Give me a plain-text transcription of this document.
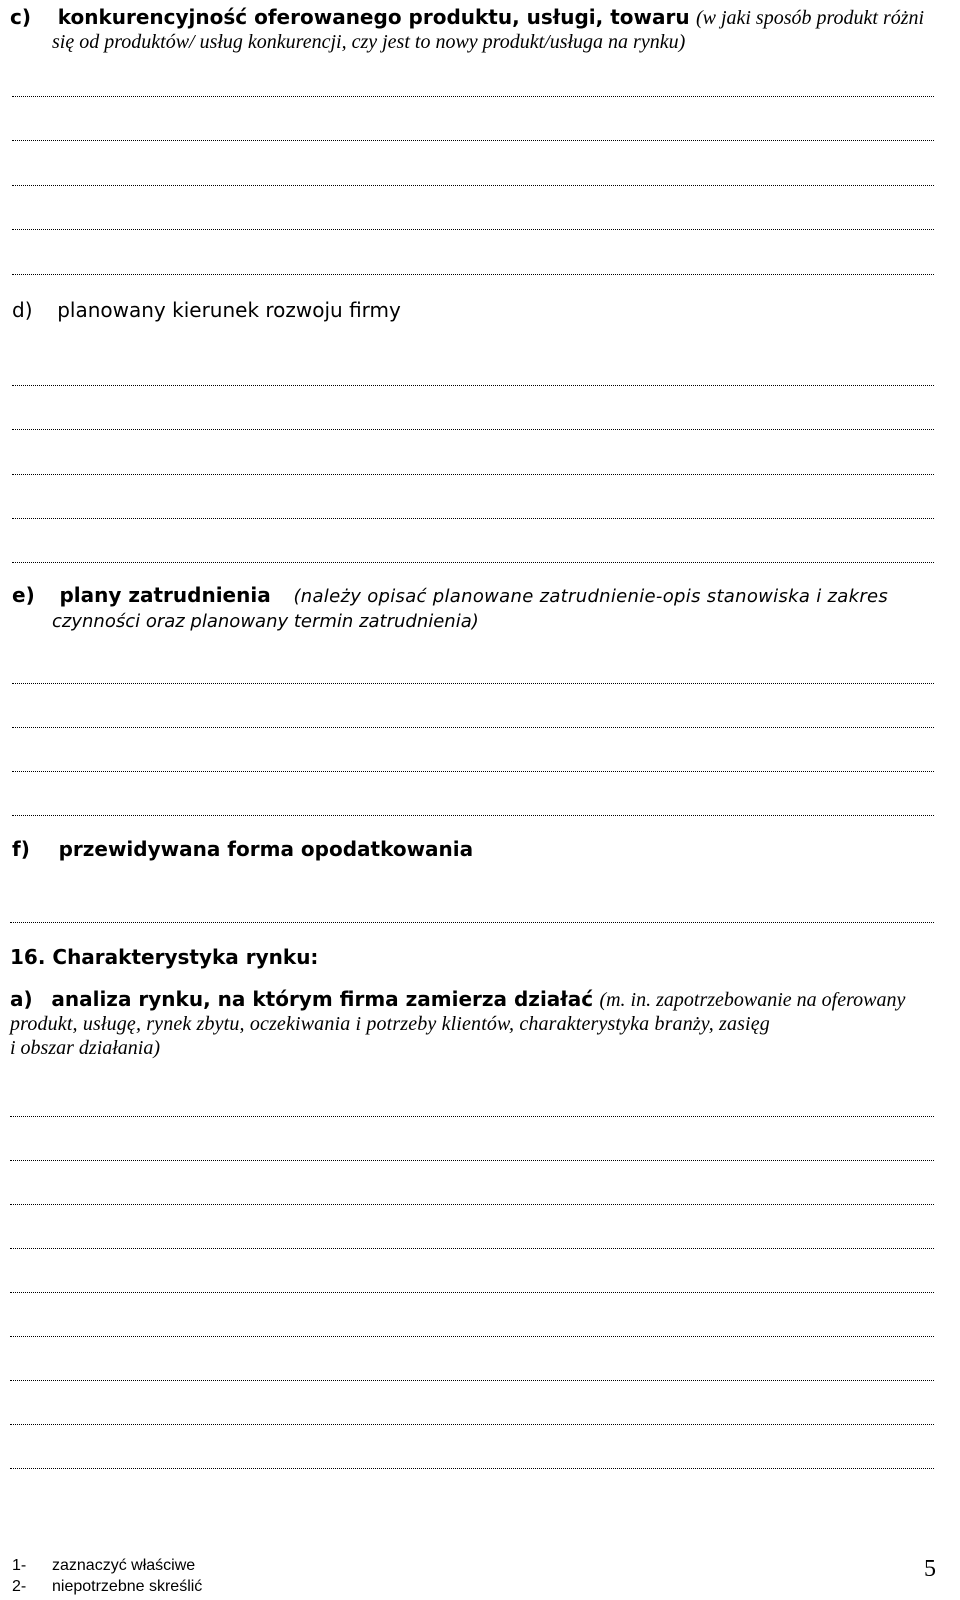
c) konkurencyjność oferowanego produktu, usługi, towaru (w jaki sposób produkt różni
się od produktów/ usług konkurencji, czy jest to nowy produkt/usługa na rynku)
d) planowany kierunek rozwoju firmy
e) plany zatrudnienia (należy opisać planowane zatrudnienie-opis stanowiska i zakres
czynności oraz planowany termin zatrudnienia)
f) przewidywana forma opodatkowania
16. Charakterystyka rynku:
a) analiza rynku, na którym firma zamierza działać (m. in. zapotrzebowanie na oferowany
produkt, usługę, rynek zbytu, oczekiwania i potrzeby klientów, charakterystyka branży, zasięg
i obszar działania)
1- zaznaczyć właściwe
2- niepotrzebne skreślić
5
